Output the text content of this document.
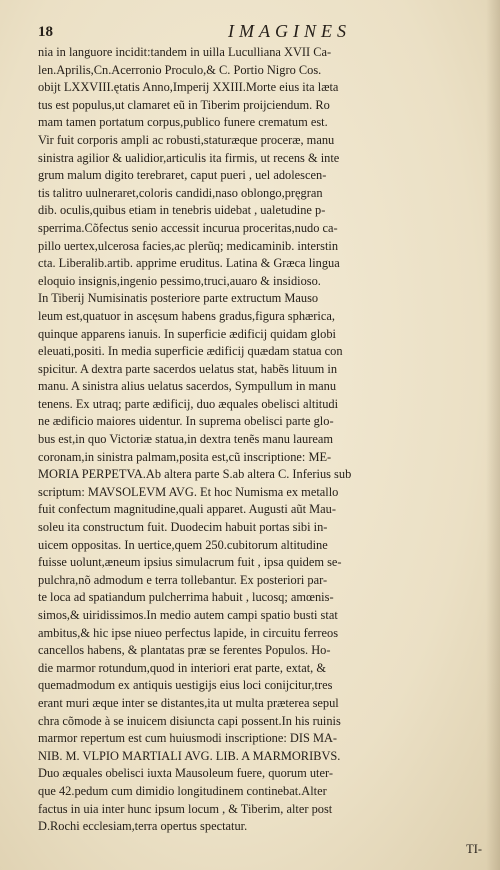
18	IMAGINES
nia in languore incidit:tandem in uilla Luculliana XVII Ca-
len.Aprilis,Cn.Acerronio Proculo,& C. Portio Nigro Cos.
obijt LXXVIII.ętatis Anno,Imperij XXIII.Morte eius ita læta
tus est populus,ut clamaret eũ in Tiberim proijciendum. Ro
mam tamen portatum corpus,publico funere crematum est.
Vir fuit corporis ampli ac robusti,staturæque proceræ, manu
sinistra agilior & ualidior,articulis ita firmis, ut recens & inte
grum malum digito terebraret, caput pueri , uel adolescen-
tis talitro uulneraret,coloris candidi,naso oblongo,pręgran
dib. oculis,quibus etiam in tenebris uidebat , ualetudine p-
sperrima.Cõfectus senio accessit incurua proceritas,nudo ca-
pillo uertex,ulcerosa facies,ac plerũq; medicaminib. interstin
cta. Liberalib.artib. apprime eruditus. Latina & Græca lingua
eloquio insignis,ingenio pessimo,truci,auaro & insidioso.
In Tiberij Numisinatis posteriore parte extructum Mauso
leum est,quatuor in ascęsum habens gradus,figura sphærica,
quinque apparens ianuis. In superficie ædificij quidam globi
eleuati,positi. In media superficie ædificij quædam statua con
spicitur. A dextra parte sacerdos uelatus stat, habẽs lituum in
manu. A sinistra alius uelatus sacerdos, Sympullum in manu
tenens. Ex utraq; parte ædificij, duo æquales obelisci altitudi
ne ædificio maiores uidentur. In suprema obelisci parte glo-
bus est,in quo Victoriæ statua,in dextra tenẽs manu lauream
coronam,in sinistra palmam,posita est,cũ inscriptione: ME-
MORIA PERPETVA.Ab altera parte S.ab altera C. Inferius sub
scriptum: MAVSOLEVM AVG. Et hoc Numisma ex metallo
fuit confectum magnitudine,quali apparet. Augusti aũt Mau-
soleu ita constructum fuit. Duodecim habuit portas sibi in-
uicem oppositas. In uertice,quem 250.cubitorum altitudine
fuisse uolunt,æneum ipsius simulacrum fuit , ipsa quidem se-
pulchra,nõ admodum e terra tollebantur. Ex posteriori par-
te loca ad spatiandum pulcherrima habuit , lucosq; amœnis-
simos,& uiridissimos.In medio autem campi spatio busti stat
ambitus,& hic ipse niueo perfectus lapide, in circuitu ferreos
cancellos habens, & plantatas præ se ferentes Populos. Ho-
die marmor rotundum,quod in interiori erat parte, extat, &
quemadmodum ex antiquis uestigijs eius loci conijcitur,tres
erant muri æque inter se distantes,ita ut multa præterea sepul
chra cõmode à se inuicem disiuncta capi possent.In his ruinis
marmor repertum est cum huiusmodi inscriptione: DIS MA-
NIB. M. VLPIO MARTIALI AVG. LIB. A MARMORIBVS.
Duo æquales obelisci iuxta Mausoleum fuere, quorum uter-
que 42.pedum cum dimidio longitudinem continebat.Alter
factus in uia inter hunc ipsum locum , & Tiberim, alter post
D.Rochi ecclesiam,terra opertus spectatur.
TI-
